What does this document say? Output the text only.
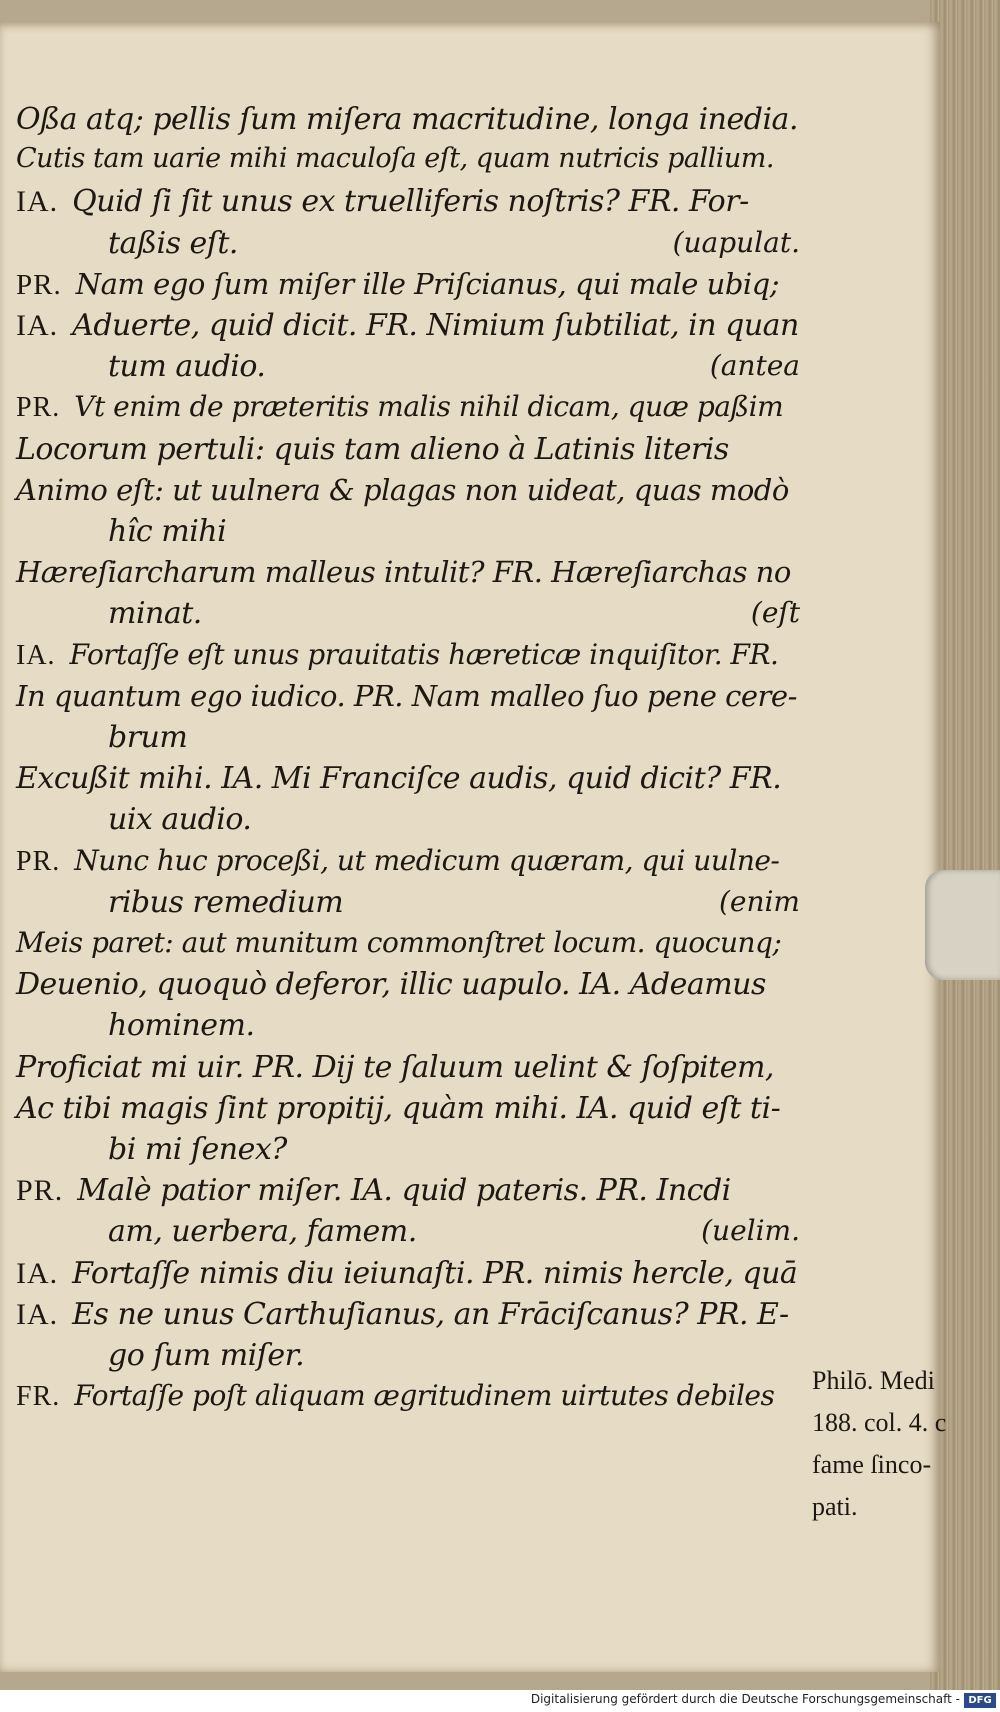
Oßa atq; pellis ſum miſera macritudine, longa inedia.
Cutis tam uarie mihi maculoſa eſt, quam nutricis pallium.
IA. Quid ſi ſit unus ex truelliferis noſtris? FR. For-
taßis eſt.	(uapulat.
PR. Nam ego ſum miſer ille Priſcianus, qui male ubiq;
IA. Aduerte, quid dicit. FR. Nimium ſubtiliat, in quan
tum audio.	(antea
PR. Vt enim de præteritis malis nihil dicam, quæ paßim
Locorum pertuli: quis tam alieno à Latinis literis
Animo eſt: ut uulnera & plagas non uideat, quas modò
hîc mihi
Hæreſiarcharum malleus intulit? FR. Hæreſiarchas no
minat.	(eſt
IA. Fortaſſe eſt unus prauitatis hæreticæ inquiſitor. FR.
In quantum ego iudico. PR. Nam malleo ſuo pene cere-
brum
Excußit mihi. IA. Mi Franciſce audis, quid dicit? FR.
uix audio.
PR. Nunc huc proceßi, ut medicum quæram, qui uulne-
ribus remedium	(enim
Meis paret: aut munitum commonſtret locum. quocunq;
Deuenio, quoquò deferor, illic uapulo. IA. Adeamus
hominem.
Proficiat mi uir. PR. Dij te ſaluum uelint & ſoſpitem,
Ac tibi magis ſint propitij, quàm mihi. IA. quid eſt ti-
bi mi ſenex?
PR. Malè patior miſer. IA. quid pateris. PR. Incdi
am, uerbera, famem.	(uelim.
IA. Fortaſſe nimis diu ieiunaſti. PR. nimis hercle, quā
IA. Es ne unus Carthuſianus, an Frāciſcanus? PR. E-
go ſum miſer.
FR. Fortaſſe poſt aliquam ægritudinem uirtutes debiles Philō. Medi
188. col. 4. c
fame ſinco-
pati.
Digitalisierung gefördert durch die Deutsche Forschungsgemeinschaft - DFG
